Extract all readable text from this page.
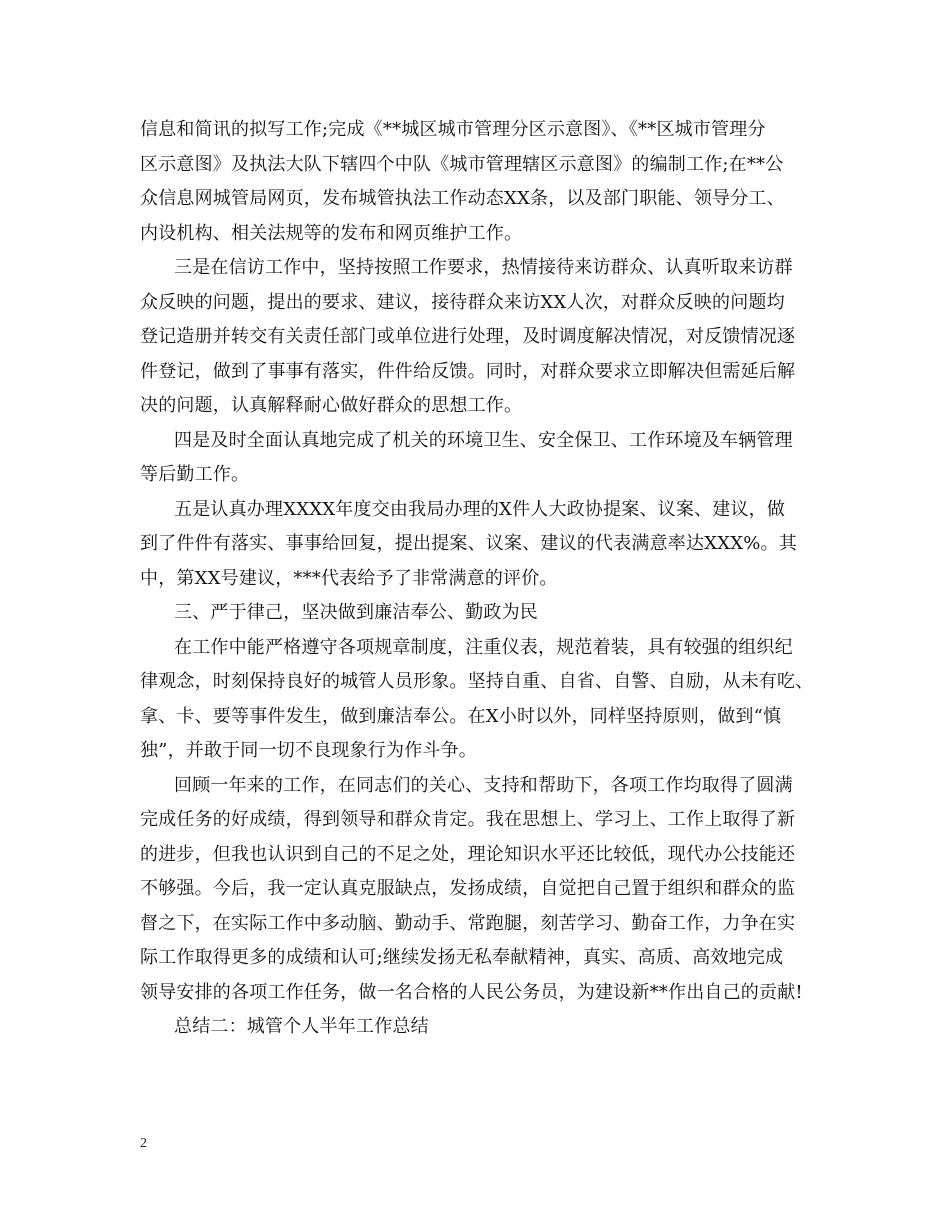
信息和简讯的拟写工作;完成《**城区城市管理分区示意图》、《**区城市管理分
区示意图》及执法大队下辖四个中队《城市管理辖区示意图》的编制工作;在**公
众信息网城管局网页，发布城管执法工作动态XX条，以及部门职能、领导分工、
内设机构、相关法规等的发布和网页维护工作。
三是在信访工作中，坚持按照工作要求，热情接待来访群众、认真听取来访群
众反映的问题，提出的要求、建议，接待群众来访XX人次，对群众反映的问题均
登记造册并转交有关责任部门或单位进行处理，及时调度解决情况，对反馈情况逐
件登记，做到了事事有落实，件件给反馈。同时，对群众要求立即解决但需延后解
决的问题，认真解释耐心做好群众的思想工作。
四是及时全面认真地完成了机关的环境卫生、安全保卫、工作环境及车辆管理
等后勤工作。
五是认真办理XXXX年度交由我局办理的X件人大政协提案、议案、建议，做
到了件件有落实、事事给回复，提出提案、议案、建议的代表满意率达XXX%。其
中，第XX号建议，***代表给予了非常满意的评价。
三、严于律己，坚决做到廉洁奉公、勤政为民
在工作中能严格遵守各项规章制度，注重仪表，规范着装，具有较强的组织纪
律观念，时刻保持良好的城管人员形象。坚持自重、自省、自警、自励，从未有吃、
拿、卡、要等事件发生，做到廉洁奉公。在X小时以外，同样坚持原则，做到“慎
独”，并敢于同一切不良现象行为作斗争。
回顾一年来的工作，在同志们的关心、支持和帮助下，各项工作均取得了圆满
完成任务的好成绩，得到领导和群众肯定。我在思想上、学习上、工作上取得了新
的进步，但我也认识到自己的不足之处，理论知识水平还比较低，现代办公技能还
不够强。今后，我一定认真克服缺点，发扬成绩，自觉把自己置于组织和群众的监
督之下，在实际工作中多动脑、勤动手、常跑腿，刻苦学习、勤奋工作，力争在实
际工作取得更多的成绩和认可;继续发扬无私奉献精神，真实、高质、高效地完成
领导安排的各项工作任务，做一名合格的人民公务员，为建设新**作出自己的贡献!
总结二：城管个人半年工作总结
2
